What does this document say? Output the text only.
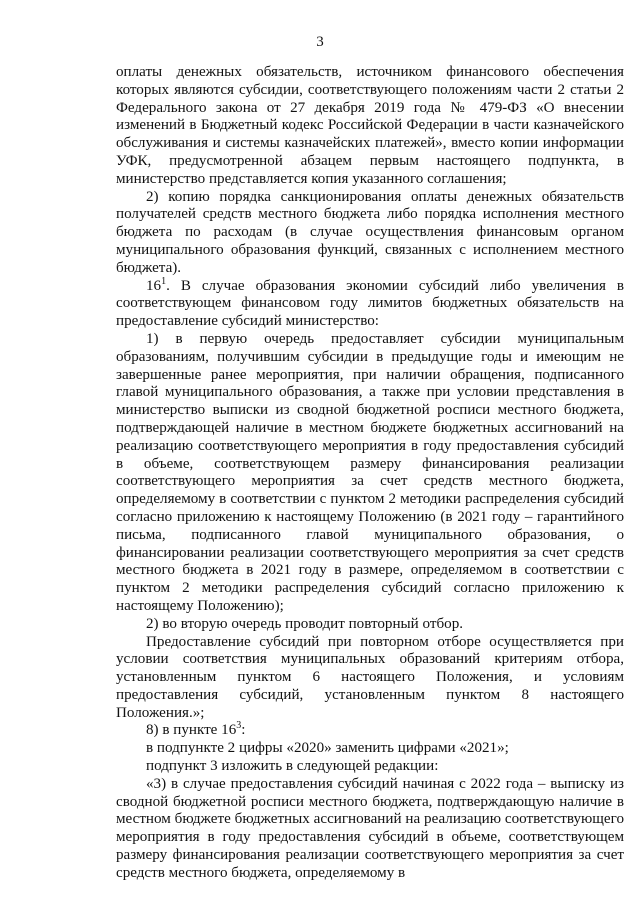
3

оплаты денежных обязательств, источником финансового обеспечения которых являются субсидии, соответствующего положениям части 2 статьи 2 Федерального закона от 27 декабря 2019 года № 479-ФЗ «О внесении изменений в Бюджетный кодекс Российской Федерации в части казначейского обслуживания и системы казначейских платежей», вместо копии информации УФК, предусмотренной абзацем первым настоящего подпункта, в министерство представляется копия указанного соглашения;

2) копию порядка санкционирования оплаты денежных обязательств получателей средств местного бюджета либо порядка исполнения местного бюджета по расходам (в случае осуществления финансовым органом муниципального образования функций, связанных с исполнением местного бюджета).

$16^1$. В случае образования экономии субсидий либо увеличения в соответствующем финансовом году лимитов бюджетных обязательств на предоставление субсидий министерство:

1) в первую очередь предоставляет субсидии муниципальным образованиям, получившим субсидии в предыдущие годы и имеющим не завершенные ранее мероприятия, при наличии обращения, подписанного главой муниципального образования, а также при условии представления в министерство выписки из сводной бюджетной росписи местного бюджета, подтверждающей наличие в местном бюджете бюджетных ассигнований на реализацию соответствующего мероприятия в году предоставления субсидий в объеме, соответствующем размеру финансирования реализации соответствующего мероприятия за счет средств местного бюджета, определяемому в соответствии с пунктом 2 методики распределения субсидий согласно приложению к настоящему Положению (в 2021 году – гарантийного письма, подписанного главой муниципального образования, о финансировании реализации соответствующего мероприятия за счет средств местного бюджета в 2021 году в размере, определяемом в соответствии с пунктом 2 методики распределения субсидий согласно приложению к настоящему Положению);

2) во вторую очередь проводит повторный отбор.

Предоставление субсидий при повторном отборе осуществляется при условии соответствия муниципальных образований критериям отбора, установленным пунктом 6 настоящего Положения, и условиям предоставления субсидий, установленным пунктом 8 настоящего Положения.»;

8) в пункте $16^3$:

в подпункте 2 цифры «2020» заменить цифрами «2021»;

подпункт 3 изложить в следующей редакции:

«3) в случае предоставления субсидий начиная с 2022 года – выписку из сводной бюджетной росписи местного бюджета, подтверждающую наличие в местном бюджете бюджетных ассигнований на реализацию соответствующего мероприятия в году предоставления субсидий в объеме, соответствующем размеру финансирования реализации соответствующего мероприятия за счет средств местного бюджета, определяемому в
